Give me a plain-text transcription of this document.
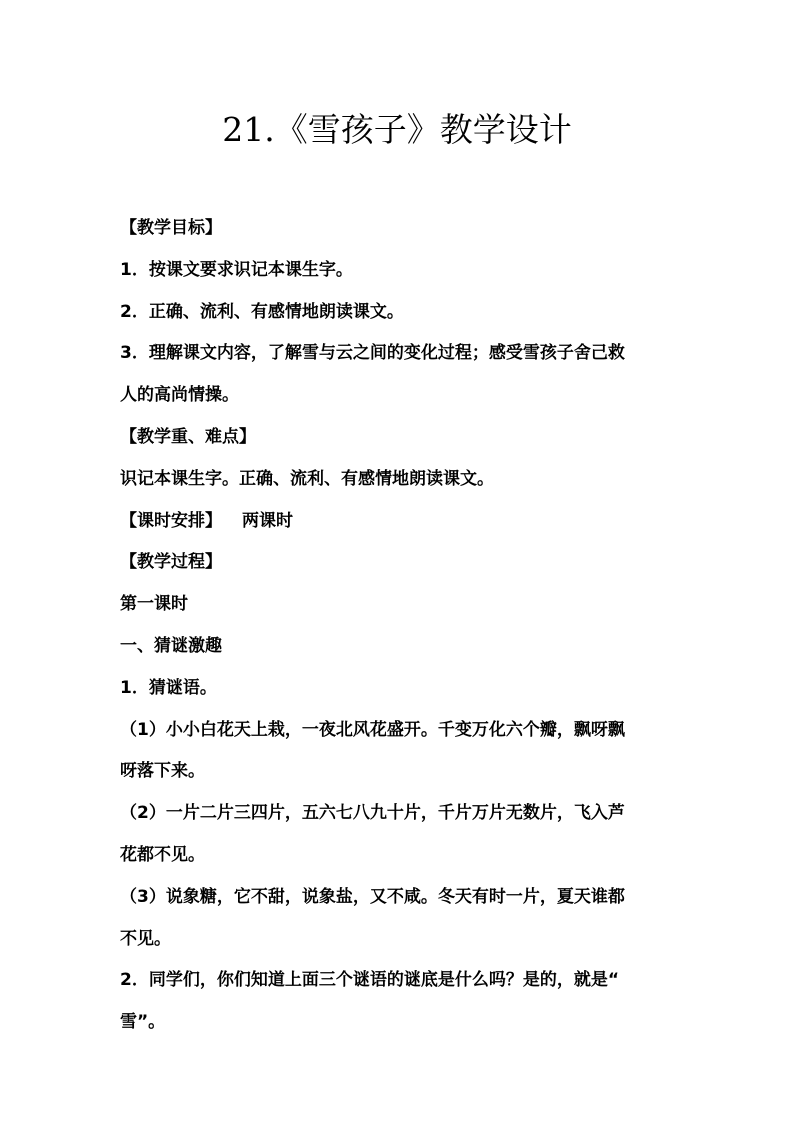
21.《雪孩子》教学设计
【教学目标】
1．按课文要求识记本课生字。
2．正确、流利、有感情地朗读课文。
3．理解课文内容，了解雪与云之间的变化过程；感受雪孩子舍己救
人的高尚情操。
【教学重、难点】
识记本课生字。正确、流利、有感情地朗读课文。
【课时安排】 两课时
【教学过程】
第一课时
一、猜谜激趣
1．猜谜语。
（1）小小白花天上栽，一夜北风花盛开。千变万化六个瓣，飘呀飘
呀落下来。
（2）一片二片三四片，五六七八九十片，千片万片无数片，飞入芦
花都不见。
（3）说象糖，它不甜，说象盐，又不咸。冬天有时一片，夏天谁都
不见。
2．同学们，你们知道上面三个谜语的谜底是什么吗？是的，就是“
雪”。
